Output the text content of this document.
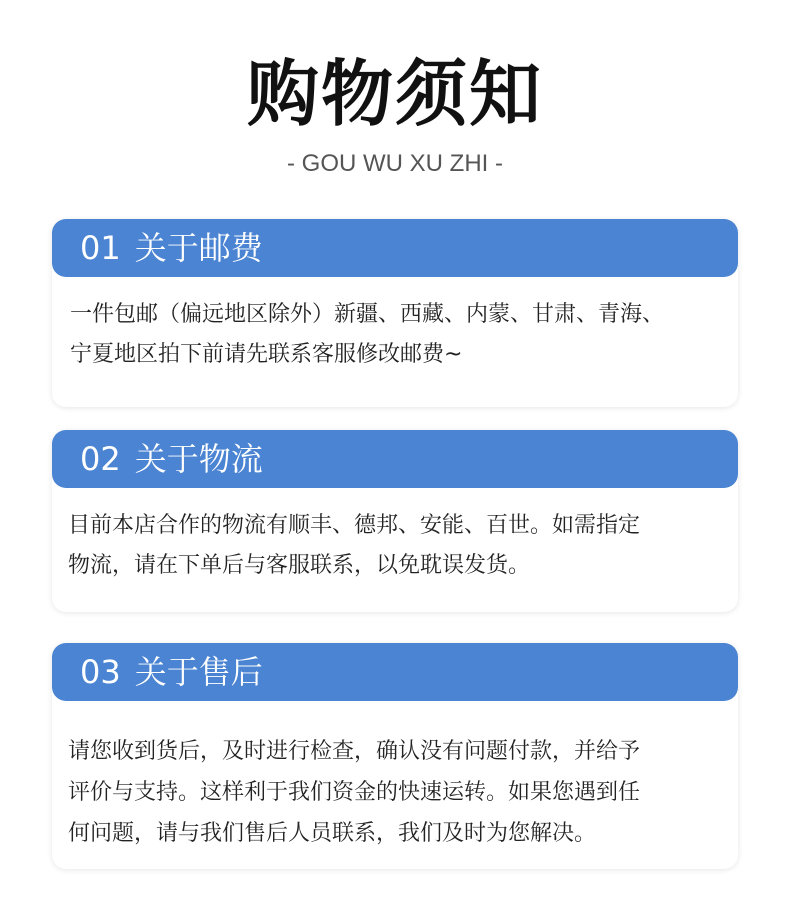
购物须知
- GOU WU XU ZHI -
01 关于邮费
一件包邮（偏远地区除外）新疆、西藏、内蒙、甘肃、青海、
宁夏地区拍下前请先联系客服修改邮费~
02 关于物流
目前本店合作的物流有顺丰、德邦、安能、百世。如需指定
物流，请在下单后与客服联系，以免耽误发货。
03 关于售后
请您收到货后，及时进行检查，确认没有问题付款，并给予
评价与支持。这样利于我们资金的快速运转。如果您遇到任
何问题，请与我们售后人员联系，我们及时为您解决。
